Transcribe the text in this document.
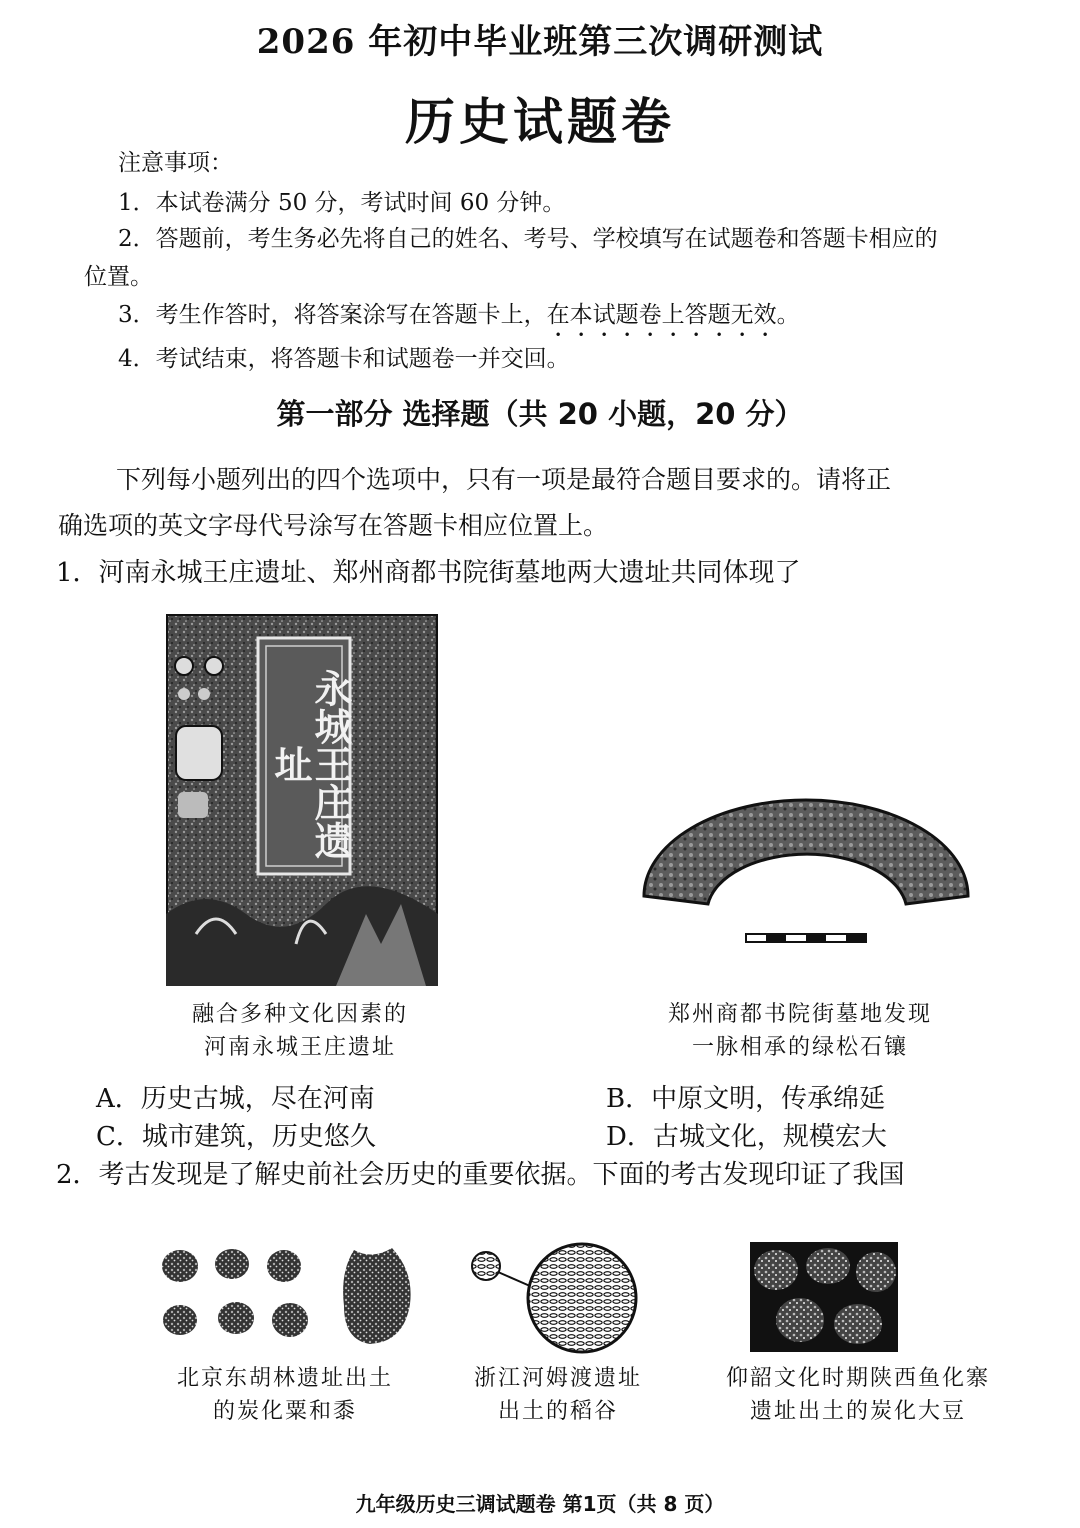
2026 年初中毕业班第三次调研测试
历史试题卷
注意事项：
1．本试卷满分 50 分，考试时间 60 分钟。
2．答题前，考生务必先将自己的姓名、考号、学校填写在试题卷和答题卡相应的
位置。
3．考生作答时，将答案涂写在答题卡上，在本试题卷上答题无效。
4．考试结束，将答题卡和试题卷一并交回。
第一部分 选择题（共 20 小题，20 分）
下列每小题列出的四个选项中，只有一项是最符合题目要求的。请将正
确选项的英文字母代号涂写在答题卡相应位置上。
1．河南永城王庄遗址、郑州商都书院街墓地两大遗址共同体现了
永城王庄遗址
融合多种文化因素的
河南永城王庄遗址
郑州商都书院街墓地发现
一脉相承的绿松石镶
A．历史古城，尽在河南	B．中原文明，传承绵延
C．城市建筑，历史悠久	D．古城文化，规模宏大
2．考古发现是了解史前社会历史的重要依据。下面的考古发现印证了我国
北京东胡林遗址出土
的炭化粟和黍
浙江河姆渡遗址
出土的稻谷
仰韶文化时期陕西鱼化寨
遗址出土的炭化大豆
九年级历史三调试题卷 第1页（共 8 页）
